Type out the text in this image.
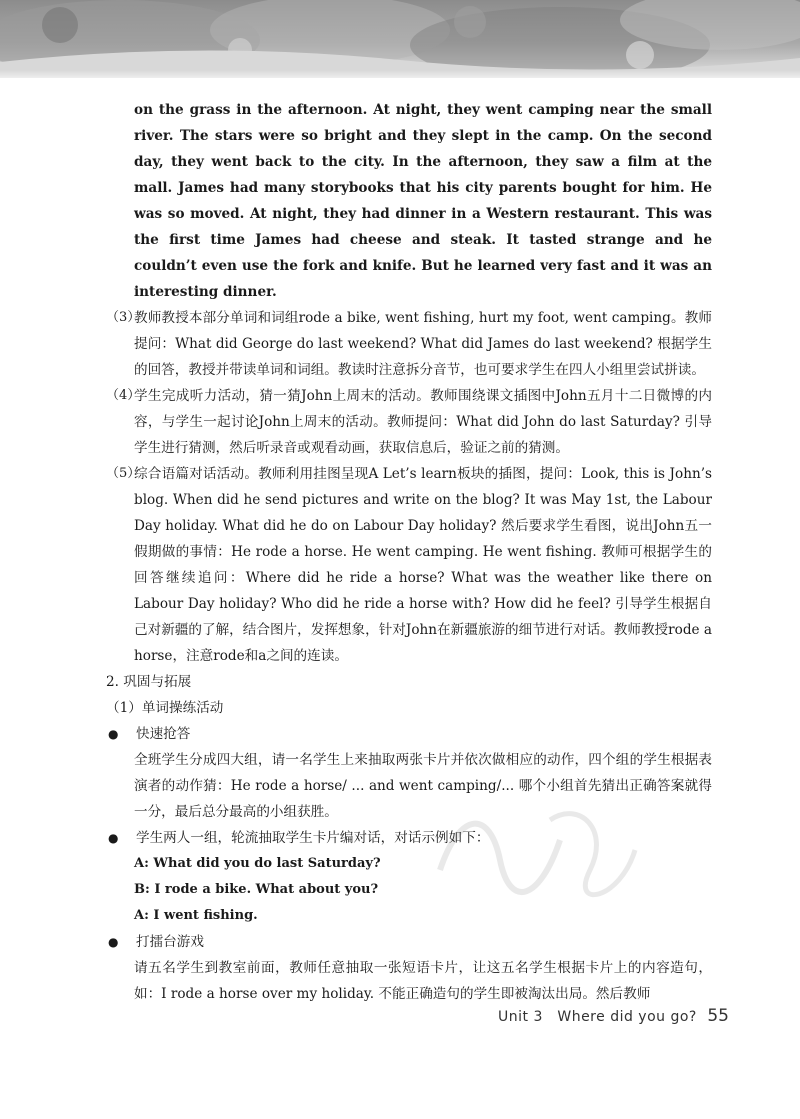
on the grass in the afternoon. At night, they went camping near the small river. The stars were so bright and they slept in the camp. On the second day, they went back to the city. In the afternoon, they saw a film at the mall. James had many storybooks that his city parents bought for him. He was so moved. At night, they had dinner in a Western restaurant. This was the first time James had cheese and steak. It tasted strange and he couldn’t even use the fork and knife. But he learned very fast and it was an interesting dinner.

（3）
教师教授本部分单词和词组rode a bike, went fishing, hurt my foot, went camping。教师提问：What did George do last weekend? What did James do last weekend? 根据学生的回答，教授并带读单词和词组。教读时注意拆分音节，也可要求学生在四人小组里尝试拼读。
（4）
学生完成听力活动，猜一猜John上周末的活动。教师围绕课文插图中John五月十二日微博的内容，与学生一起讨论John上周末的活动。教师提问：What did John do last Saturday? 引导学生进行猜测，然后听录音或观看动画，获取信息后，验证之前的猜测。
（5）
综合语篇对话活动。教师利用挂图呈现A Let’s learn板块的插图，提问：Look, this is John’s blog. When did he send pictures and write on the blog? It was May 1st, the Labour Day holiday. What did he do on Labour Day holiday? 然后要求学生看图，说出John五一假期做的事情：He rode a horse. He went camping. He went fishing. 教师可根据学生的回答继续追问：Where did he ride a horse? What was the weather like there on Labour Day holiday? Who did he ride a horse with? How did he feel? 引导学生根据自己对新疆的了解，结合图片，发挥想象，针对John在新疆旅游的细节进行对话。教师教授rode a horse，注意rode和a之间的连读。

2. 巩固与拓展

（1）单词操练活动

●	快速抢答

全班学生分成四大组，请一名学生上来抽取两张卡片并依次做相应的动作，四个组的学生根据表演者的动作猜：He rode a horse/ ... and went camping/... 哪个小组首先猜出正确答案就得一分，最后总分最高的小组获胜。

●	学生两人一组，轮流抽取学生卡片编对话，对话示例如下：

A: What did you do last Saturday?

B: I rode a bike. What about you?

A: I went fishing.

●	打擂台游戏

请五名学生到教室前面，教师任意抽取一张短语卡片，让这五名学生根据卡片上的内容造句，如：I rode a horse over my holiday. 不能正确造句的学生即被淘汰出局。然后教师

Unit 3　Where did you go? 55
